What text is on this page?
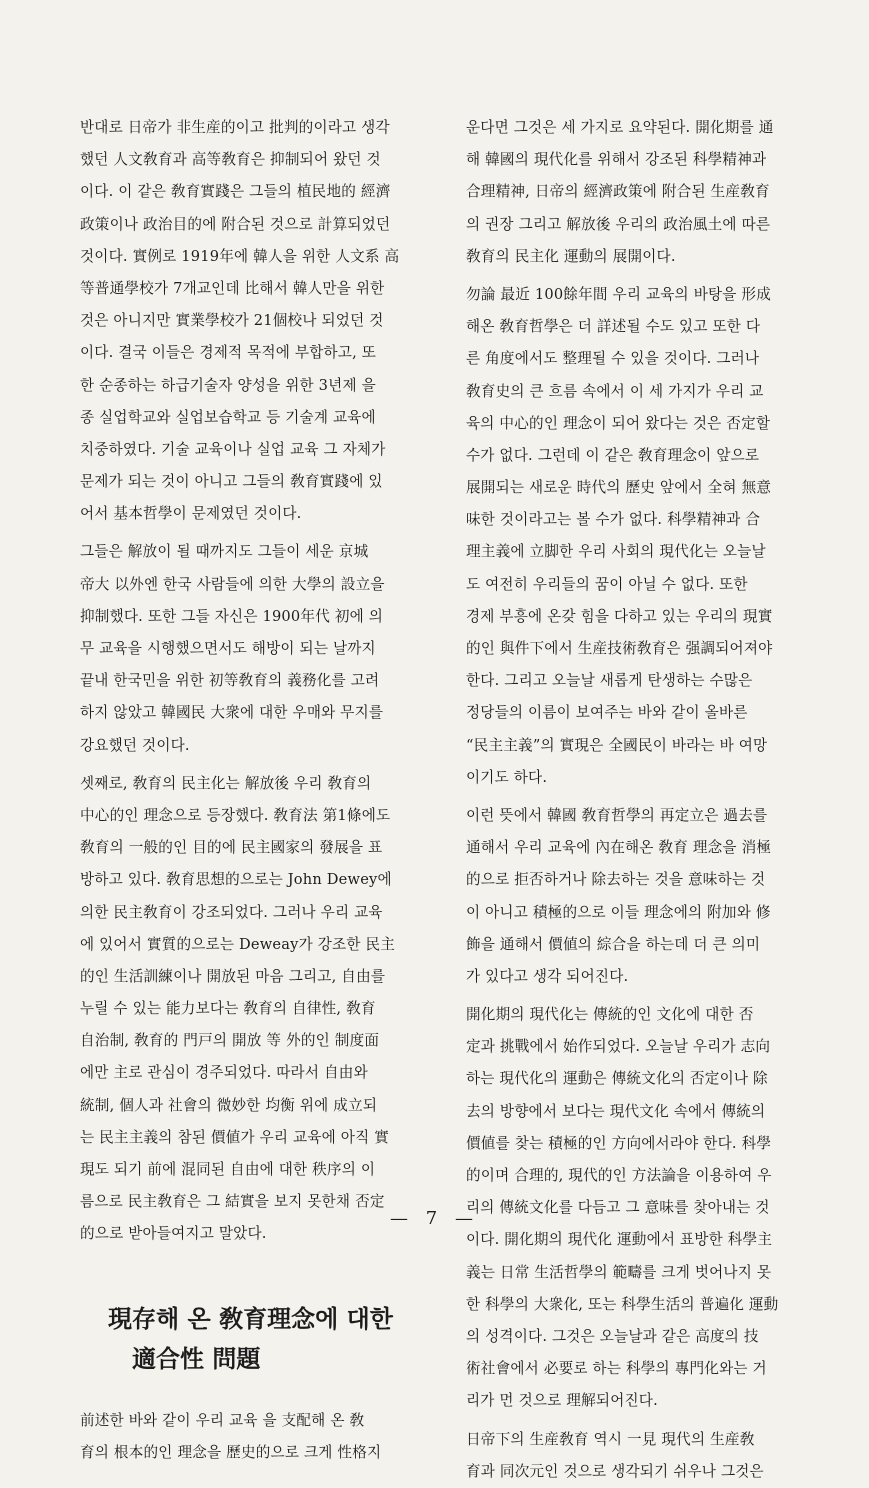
반대로 日帝가 非生産的이고 批判的이라고 생각
했던 人文敎育과 高等敎育은 抑制되어 왔던 것
이다. 이 같은 敎育實踐은 그들의 植民地的 經濟
政策이나 政治目的에 附合된 것으로 計算되었던
것이다. 實例로 1919年에 韓人을 위한 人文系 高
等普通學校가 7개교인데 比해서 韓人만을 위한
것은 아니지만 實業學校가 21個校나 되었던 것
이다. 결국 이들은 경제적 목적에 부합하고, 또
한 순종하는 하급기술자 양성을 위한 3년제 을
종 실업학교와 실업보습학교 등 기술계 교육에
치중하였다. 기술 교육이나 실업 교육 그 자체가
문제가 되는 것이 아니고 그들의 敎育實踐에 있
어서 基本哲學이 문제였던 것이다.
그들은 解放이 될 때까지도 그들이 세운 京城
帝大 以外엔 한국 사람들에 의한 大學의 設立을
抑制했다. 또한 그들 자신은 1900年代 初에 의
무 교육을 시행했으면서도 해방이 되는 날까지
끝내 한국민을 위한 初等敎育의 義務化를 고려
하지 않았고 韓國民 大衆에 대한 우매와 무지를
강요했던 것이다.
셋째로, 敎育의 民主化는 解放後 우리 敎育의
中心的인 理念으로 등장했다. 敎育法 第1條에도
敎育의 一般的인 目的에 民主國家의 發展을 표
방하고 있다. 敎育思想的으로는 John Dewey에
의한 民主敎育이 강조되었다. 그러나 우리 교육
에 있어서 實質的으로는 Deweay가 강조한 民主
的인 生活訓練이나 開放된 마음 그리고, 自由를
누릴 수 있는 能力보다는 敎育의 自律性, 敎育
自治制, 敎育的 門戸의 開放 等 外的인 制度面
에만 主로 관심이 경주되었다. 따라서 自由와
統制, 個人과 社會의 微妙한 均衡 위에 成立되
는 民主主義의 참된 價値가 우리 교육에 아직 實
現도 되기 前에 混同된 自由에 대한 秩序의 이
름으로 民主敎育은 그 結實을 보지 못한채 否定
的으로 받아들여지고 말았다.
現存해 온 敎育理念에 대한
適合性 問題
前述한 바와 같이 우리 교육 을 支配해 온 敎
育의 根本的인 理念을 歷史的으로 크게 性格지
운다면 그것은 세 가지로 요약된다. 開化期를 通
해 韓國의 現代化를 위해서 강조된 科學精神과
合理精神, 日帝의 經濟政策에 附合된 生産敎育
의 권장 그리고 解放後 우리의 政治風土에 따른
敎育의 民主化 運動의 展開이다.
勿論 最近 100餘年間 우리 교육의 바탕을 形成
해온 敎育哲學은 더 詳述될 수도 있고 또한 다
른 角度에서도 整理될 수 있을 것이다. 그러나
敎育史의 큰 흐름 속에서 이 세 가지가 우리 교
육의 中心的인 理念이 되어 왔다는 것은 否定할
수가 없다. 그런데 이 같은 敎育理念이 앞으로
展開되는 새로운 時代의 歷史 앞에서 全혀 無意
味한 것이라고는 볼 수가 없다. 科學精神과 合
理主義에 立脚한 우리 사회의 現代化는 오늘날
도 여전히 우리들의 꿈이 아닐 수 없다. 또한
경제 부흥에 온갖 힘을 다하고 있는 우리의 現實
的인 與件下에서 生産技術敎育은 强調되어져야
한다. 그리고 오늘날 새롭게 탄생하는 수많은
정당들의 이름이 보여주는 바와 같이 올바른
“民主主義”의 實現은 全國民이 바라는 바 여망
이기도 하다.
이런 뜻에서 韓國 敎育哲學의 再定立은 過去를
通해서 우리 교육에 內在해온 敎育 理念을 消極
的으로 拒否하거나 除去하는 것을 意味하는 것
이 아니고 積極的으로 이들 理念에의 附加와 修
飾을 通해서 價値의 綜合을 하는데 더 큰 의미
가 있다고 생각 되어진다.
開化期의 現代化는 傳統的인 文化에 대한 否
定과 挑戰에서 始作되었다. 오늘날 우리가 志向
하는 現代化의 運動은 傳統文化의 否定이나 除
去의 방향에서 보다는 現代文化 속에서 傳統의
價値를 찾는 積極的인 方向에서라야 한다. 科學
的이며 合理的, 現代的인 方法論을 이용하여 우
리의 傳統文化를 다듬고 그 意味를 찾아내는 것
이다. 開化期의 現代化 運動에서 표방한 科學主
義는 日常 生活哲學의 範疇를 크게 벗어나지 못
한 科學의 大衆化, 또는 科學生活의 普遍化 運動
의 성격이다. 그것은 오늘날과 같은 高度의 技
術社會에서 必要로 하는 科學의 專門化와는 거
리가 먼 것으로 理解되어진다.
日帝下의 生産敎育 역시 一見 現代의 生産敎
育과 同次元인 것으로 생각되기 쉬우나 그것은
— 7 —
